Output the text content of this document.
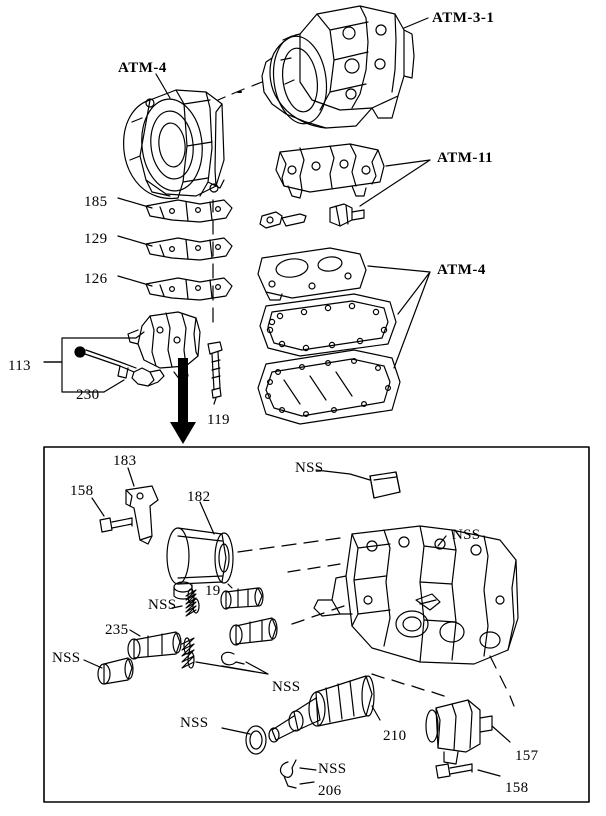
ATM-3-1
ATM-4
ATM-11
ATM-4
185
129
126
113
230
119
183	NSS
158	182
NSS
19
NSS
235
NSS
NSS
NSS
210
157
NSS
206	158
